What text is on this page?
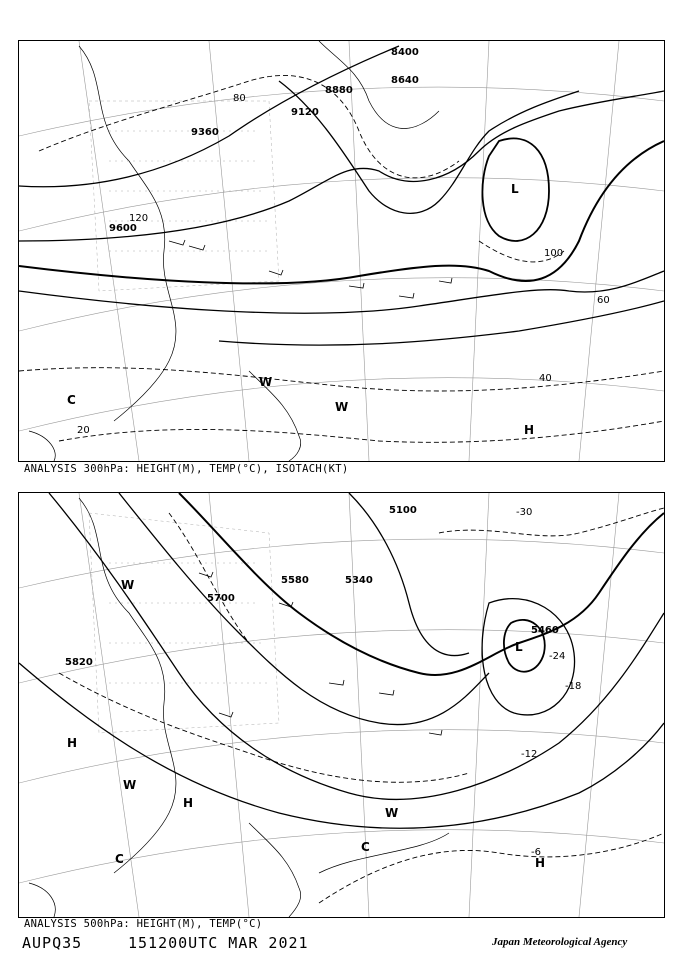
8400
8640
8880
9120
9360
9600
20
40
60
80
100
120
L
W
W
H
C
ANALYSIS 300hPa: HEIGHT(M), TEMP(°C), ISOTACH(KT)
5100
5340
5460
5580
5700
5820
-30
-24
-18
-12
-6
L
H
H
H
W
W
W
C
C
ANALYSIS 500hPa: HEIGHT(M), TEMP(°C)
AUPQ35	151200UTC MAR 2021	Japan Meteorological Agency
